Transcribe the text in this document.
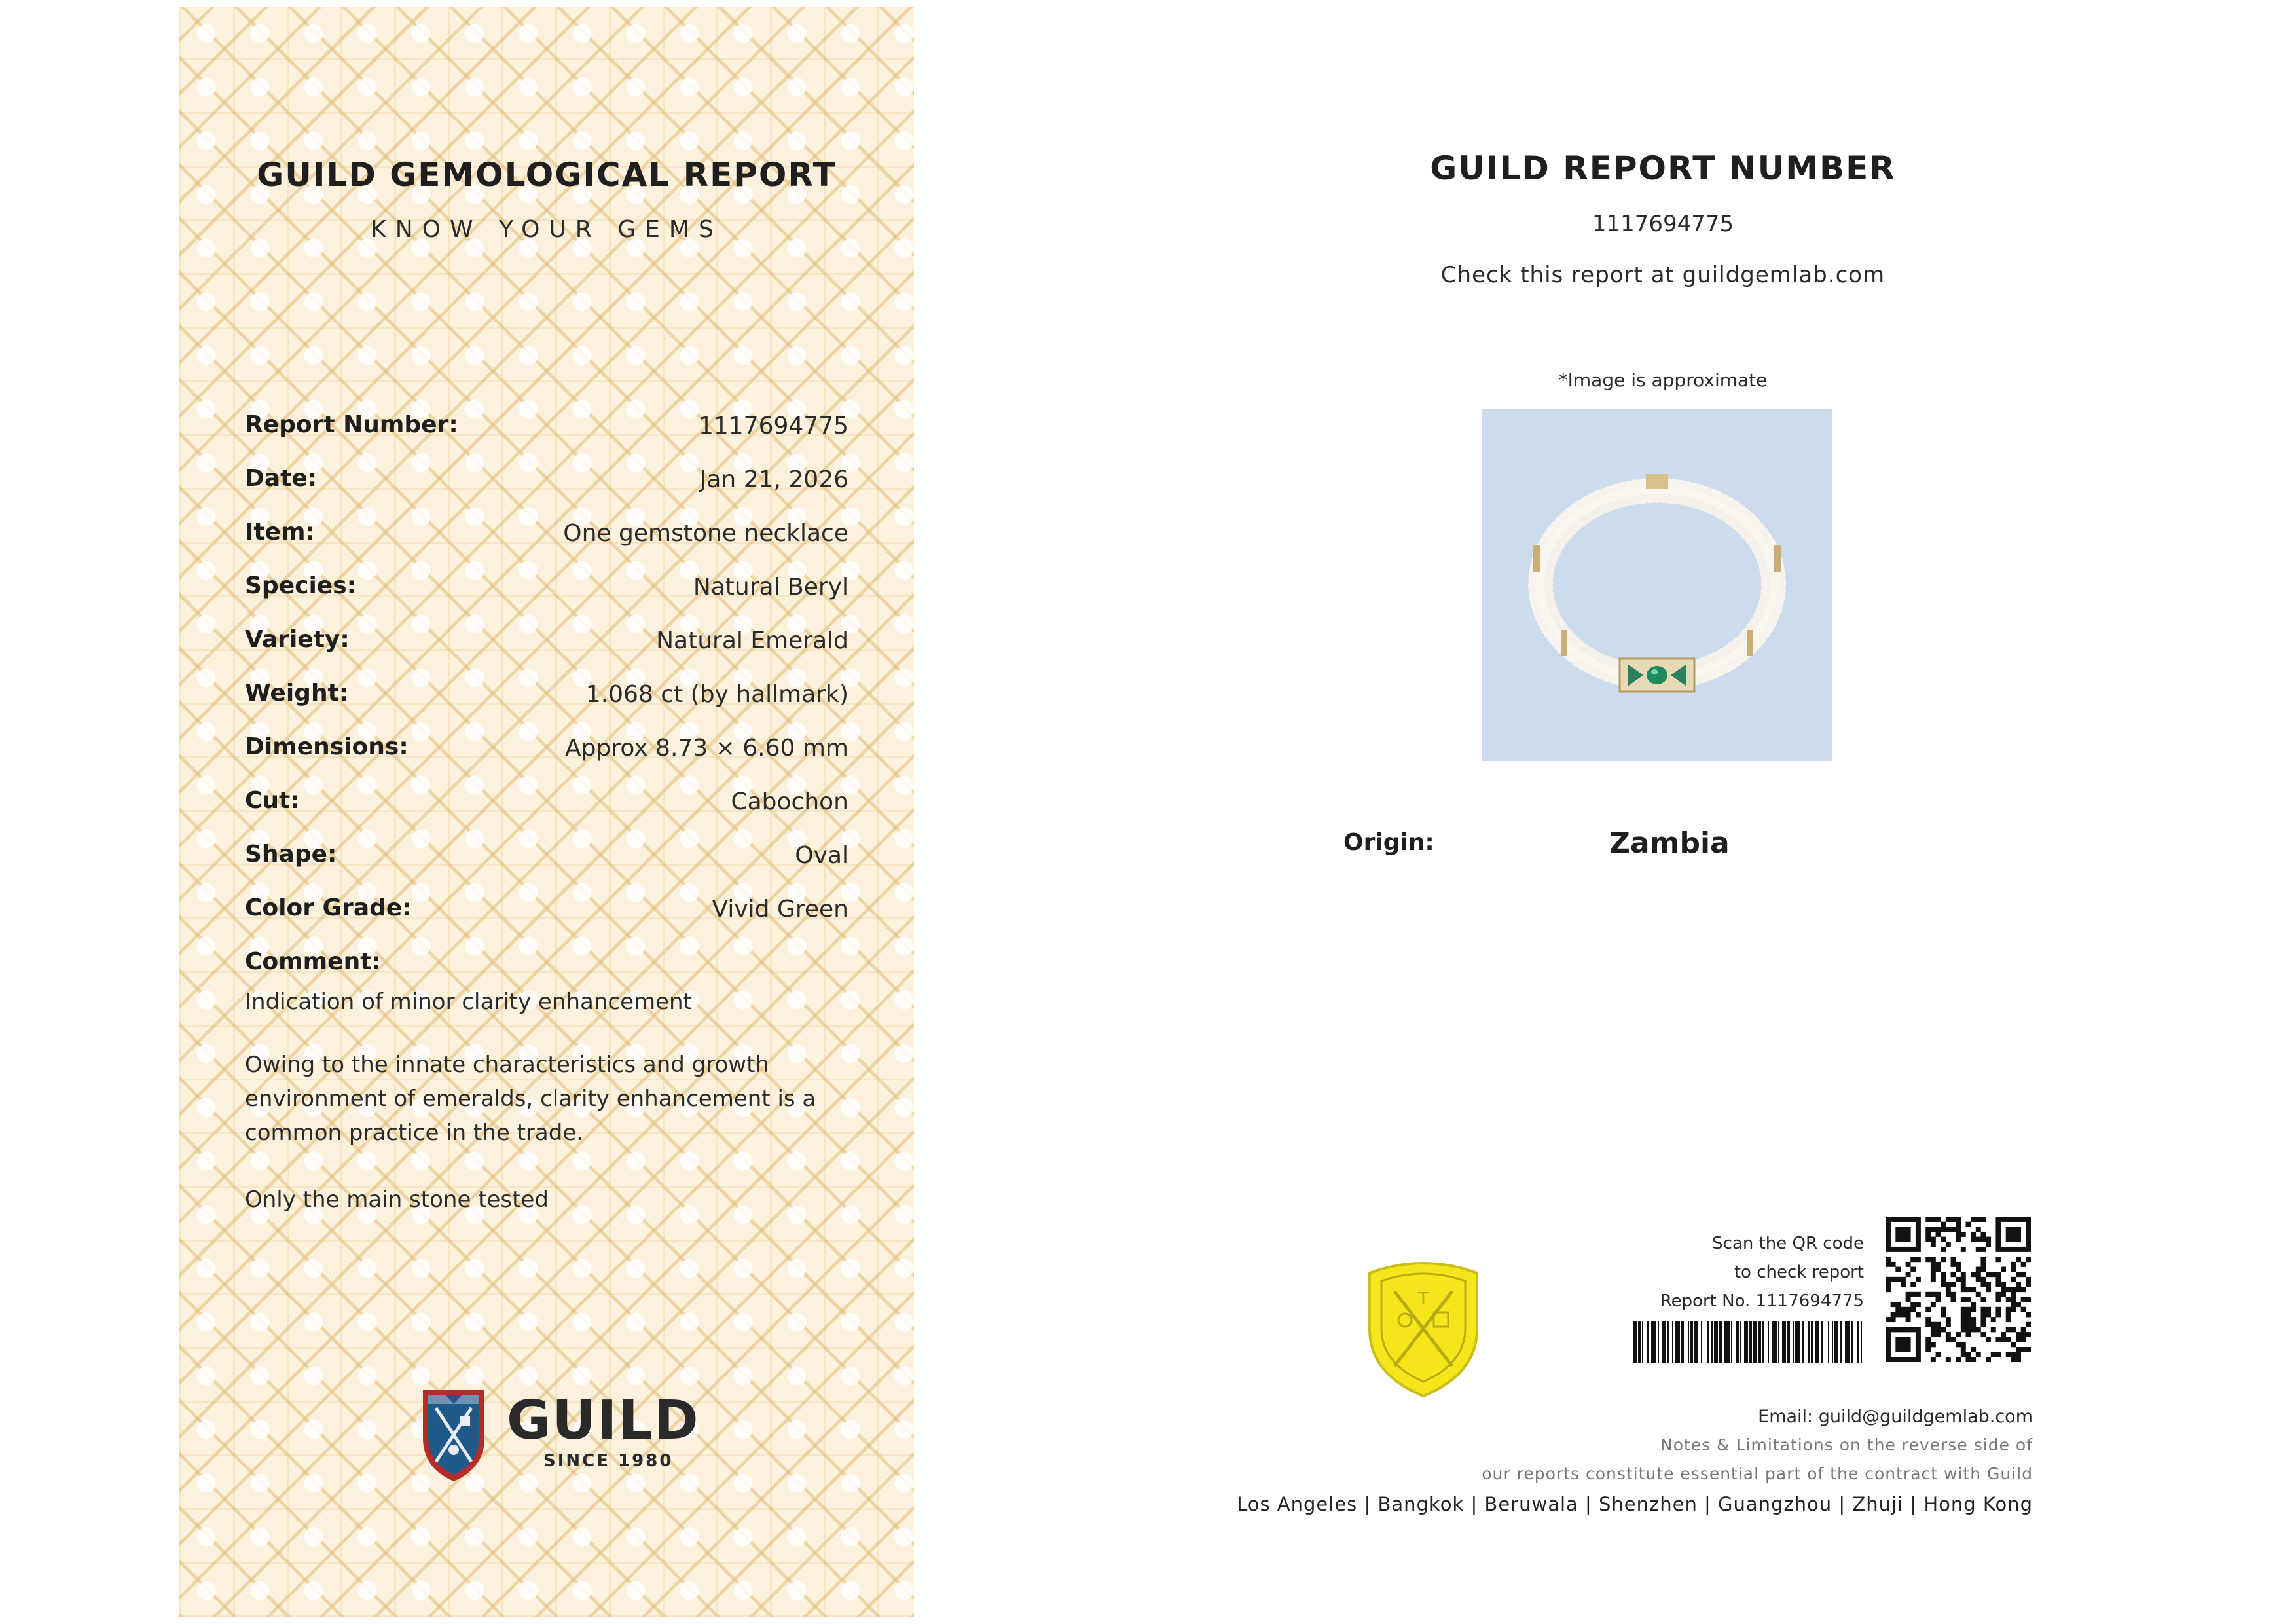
GUILD GEMOLOGICAL REPORT
KNOW YOUR GEMS
Report Number:	1117694775
Date:	Jan 21, 2026
Item:	One gemstone necklace
Species:	Natural Beryl
Variety:	Natural Emerald
Weight:	1.068 ct (by hallmark)
Dimensions:	Approx 8.73 × 6.60 mm
Cut:	Cabochon
Shape:	Oval
Color Grade:	Vivid Green
Comment:
Indication of minor clarity enhancement
Owing to the innate characteristics and growth environment of emeralds, clarity enhancement is a common practice in the trade.
Only the main stone tested
GUILD
SINCE 1980
GUILD REPORT NUMBER
1117694775
Check this report at guildgemlab.com
*Image is approximate
Origin:	Zambia
T
Scan the QR code
to check report
Report No. 1117694775
Email: guild@guildgemlab.com
Notes & Limitations on the reverse side of
our reports constitute essential part of the contract with Guild
Los Angeles | Bangkok | Beruwala | Shenzhen | Guangzhou | Zhuji | Hong Kong
